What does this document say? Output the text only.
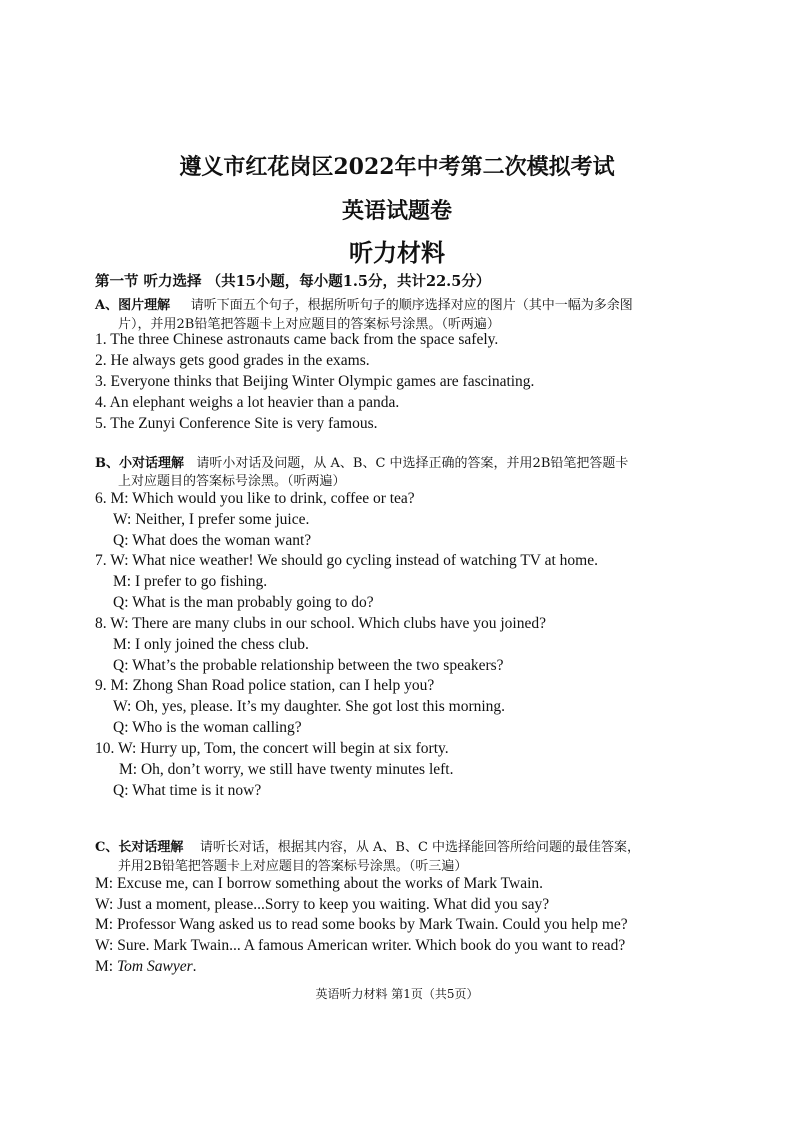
遵义市红花岗区2022年中考第二次模拟考试
英语试题卷
听力材料
第一节 听力选择 （共15小题，每小题1.5分，共计22.5分）
A、图片理解 请听下面五个句子，根据所听句子的顺序选择对应的图片（其中一幅为多余图
片），并用2B铅笔把答题卡上对应题目的答案标号涂黑。（听两遍）
1. The three Chinese astronauts came back from the space safely.
2. He always gets good grades in the exams.
3. Everyone thinks that Beijing Winter Olympic games are fascinating.
4. An elephant weighs a lot heavier than a panda.
5. The Zunyi Conference Site is very famous.
B、小对话理解 请听小对话及问题，从 A、B、C 中选择正确的答案，并用2B铅笔把答题卡
上对应题目的答案标号涂黑。（听两遍）
6. M: Which would you like to drink, coffee or tea?
W: Neither, I prefer some juice.
Q: What does the woman want?
7. W: What nice weather! We should go cycling instead of watching TV at home.
M: I prefer to go fishing.
Q: What is the man probably going to do?
8. W: There are many clubs in our school. Which clubs have you joined?
M: I only joined the chess club.
Q: What’s the probable relationship between the two speakers?
9. M: Zhong Shan Road police station, can I help you?
W: Oh, yes, please. It’s my daughter. She got lost this morning.
Q: Who is the woman calling?
10. W: Hurry up, Tom, the concert will begin at six forty.
M: Oh, don’t worry, we still have twenty minutes left.
Q: What time is it now?
C、长对话理解 请听长对话，根据其内容，从 A、B、C 中选择能回答所给问题的最佳答案，
并用2B铅笔把答题卡上对应题目的答案标号涂黑。（听三遍）
M: Excuse me, can I borrow something about the works of Mark Twain.
W: Just a moment, please...Sorry to keep you waiting. What did you say?
M: Professor Wang asked us to read some books by Mark Twain. Could you help me?
W: Sure. Mark Twain... A famous American writer. Which book do you want to read?
M: Tom Sawyer.
英语听力材料 第1页（共5页）
